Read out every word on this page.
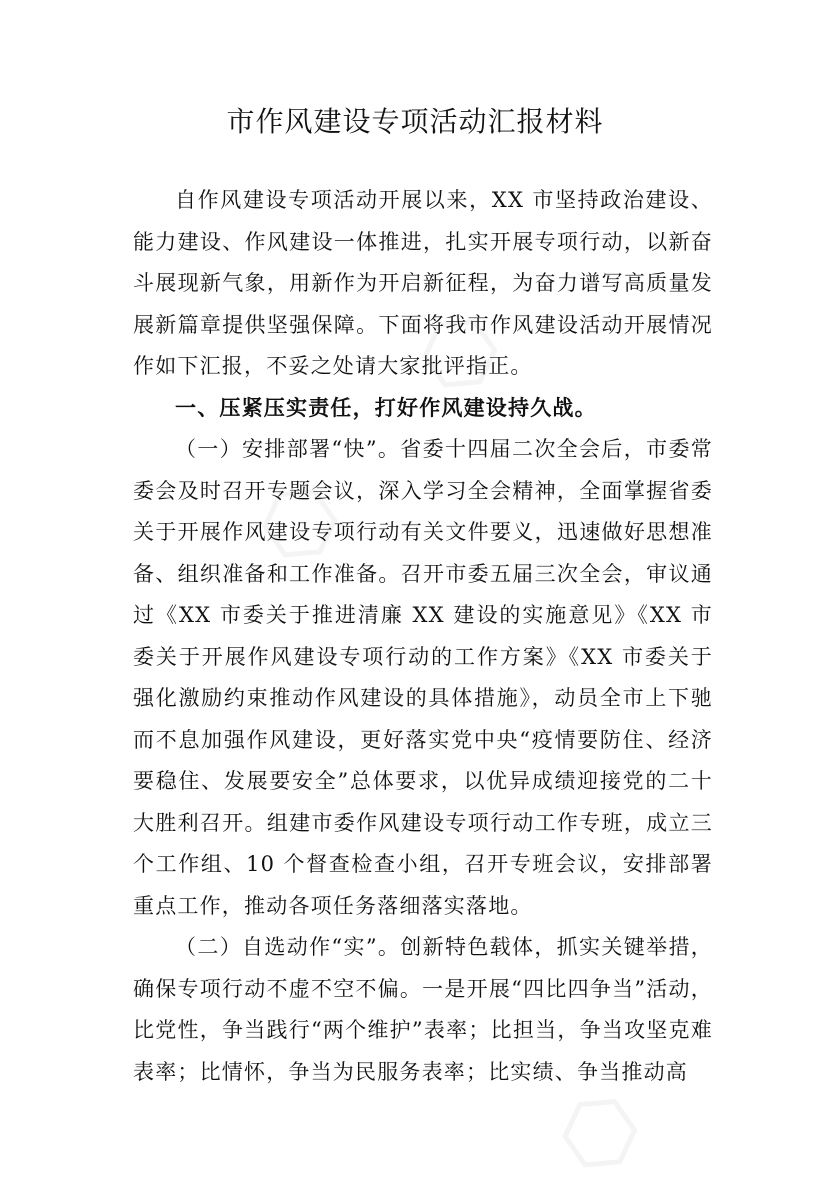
市作风建设专项活动汇报材料

自作风建设专项活动开展以来，XX 市坚持政治建设、能力建设、作风建设一体推进，扎实开展专项行动，以新奋斗展现新气象，用新作为开启新征程，为奋力谱写高质量发展新篇章提供坚强保障。下面将我市作风建设活动开展情况作如下汇报，不妥之处请大家批评指正。

一、压紧压实责任，打好作风建设持久战。

（一）安排部署“快”。省委十四届二次全会后，市委常委会及时召开专题会议，深入学习全会精神，全面掌握省委关于开展作风建设专项行动有关文件要义，迅速做好思想准备、组织准备和工作准备。召开市委五届三次全会，审议通过《XX 市委关于推进清廉 XX 建设的实施意见》《XX 市委关于开展作风建设专项行动的工作方案》《XX 市委关于强化激励约束推动作风建设的具体措施》，动员全市上下驰而不息加强作风建设，更好落实党中央“疫情要防住、经济要稳住、发展要安全”总体要求，以优异成绩迎接党的二十大胜利召开。组建市委作风建设专项行动工作专班，成立三个工作组、10 个督查检查小组，召开专班会议，安排部署重点工作，推动各项任务落细落实落地。

（二）自选动作“实”。创新特色载体，抓实关键举措，确保专项行动不虚不空不偏。一是开展“四比四争当”活动，比党性，争当践行“两个维护”表率；比担当，争当攻坚克难表率；比情怀，争当为民服务表率；比实绩、争当推动高
